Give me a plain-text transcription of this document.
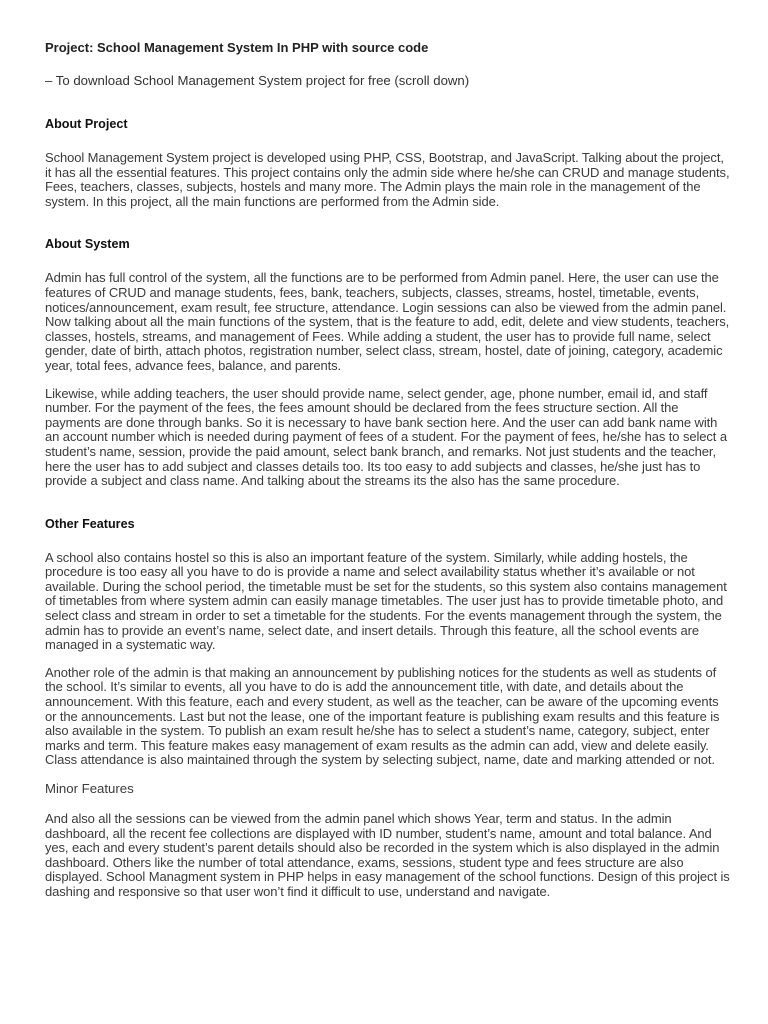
Project: School Management System In PHP with source code
– To download School Management System project for free (scroll down)
About Project
School Management System project is developed using PHP, CSS, Bootstrap, and JavaScript. Talking about the project, it has all the essential features. This project contains only the admin side where he/she can CRUD and manage students, Fees, teachers, classes, subjects, hostels and many more. The Admin plays the main role in the management of the system. In this project, all the main functions are performed from the Admin side.
About System
Admin has full control of the system, all the functions are to be performed from Admin panel. Here, the user can use the features of CRUD and manage students, fees, bank, teachers, subjects, classes, streams, hostel, timetable, events, notices/announcement, exam result, fee structure, attendance. Login sessions can also be viewed from the admin panel. Now talking about all the main functions of the system, that is the feature to add, edit, delete and view students, teachers, classes, hostels, streams, and management of Fees. While adding a student, the user has to provide full name, select gender, date of birth, attach photos, registration number, select class, stream, hostel, date of joining, category, academic year, total fees, advance fees, balance, and parents.
Likewise, while adding teachers, the user should provide name, select gender, age, phone number, email id, and staff number. For the payment of the fees, the fees amount should be declared from the fees structure section. All the payments are done through banks. So it is necessary to have bank section here. And the user can add bank name with an account number which is needed during payment of fees of a student. For the payment of fees, he/she has to select a student’s name, session, provide the paid amount, select bank branch, and remarks. Not just students and the teacher, here the user has to add subject and classes details too. Its too easy to add subjects and classes, he/she just has to provide a subject and class name. And talking about the streams its the also has the same procedure.
Other Features
A school also contains hostel so this is also an important feature of the system. Similarly, while adding hostels, the procedure is too easy all you have to do is provide a name and select availability status whether it’s available or not available. During the school period, the timetable must be set for the students, so this system also contains management of timetables from where system admin can easily manage timetables. The user just has to provide timetable photo, and select class and stream in order to set a timetable for the students. For the events management through the system, the admin has to provide an event’s name, select date, and insert details. Through this feature, all the school events are managed in a systematic way.
Another role of the admin is that making an announcement by publishing notices for the students as well as students of the school. It’s similar to events, all you have to do is add the announcement title, with date, and details about the announcement. With this feature, each and every student, as well as the teacher, can be aware of the upcoming events or the announcements. Last but not the lease, one of the important feature is publishing exam results and this feature is also available in the system. To publish an exam result he/she has to select a student’s name, category, subject, enter marks and term. This feature makes easy management of exam results as the admin can add, view and delete easily. Class attendance is also maintained through the system by selecting subject, name, date and marking attended or not.
Minor Features
And also all the sessions can be viewed from the admin panel which shows Year, term and status. In the admin dashboard, all the recent fee collections are displayed with ID number, student’s name, amount and total balance. And yes, each and every student’s parent details should also be recorded in the system which is also displayed in the admin dashboard. Others like the number of total attendance, exams, sessions, student type and fees structure are also displayed. School Managment system in PHP helps in easy management of the school functions. Design of this project is dashing and responsive so that user won’t find it difficult to use, understand and navigate.
